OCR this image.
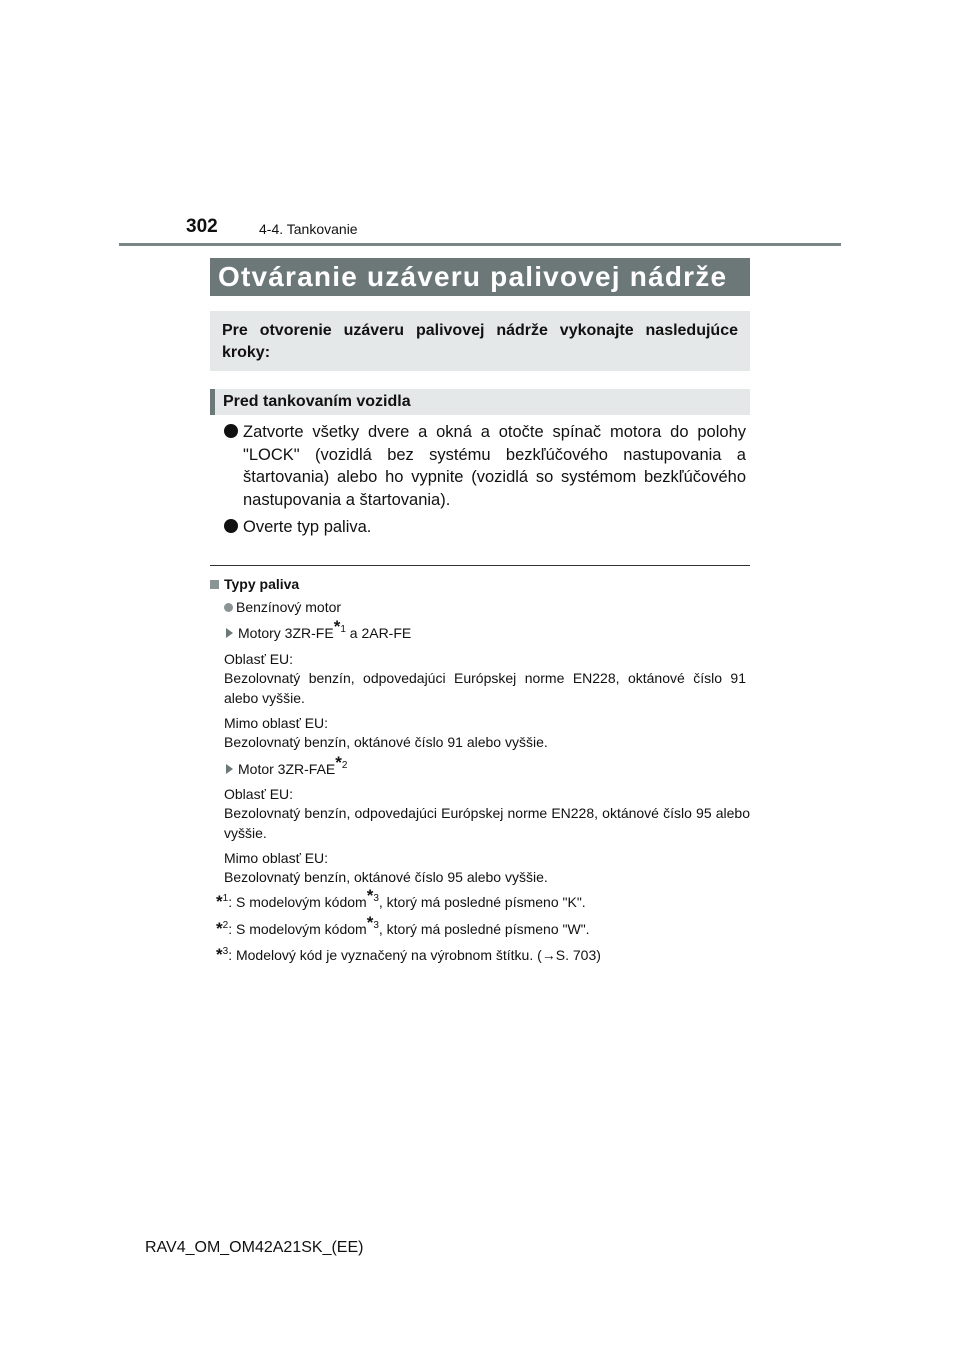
302	4-4. Tankovanie
Otváranie uzáveru palivovej nádrže

Pre otvorenie uzáveru palivovej nádrže vykonajte nasledujúce kroky:

Pred tankovaním vozidla
Zatvorte všetky dvere a okná a otočte spínač motora do polohy "LOCK" (vozidlá bez systému bezkľúčového nastupovania a štartovania) alebo ho vypnite (vozidlá so systémom bezkľúčového nastupovania a štartovania).
Overte typ paliva.
Typy paliva
Benzínový motor
Motory 3ZR-FE$^{*1}$ a 2AR-FE
Oblasť EU:
Bezolovnatý benzín, odpovedajúci Európskej norme EN228, oktánové číslo 91 alebo vyššie.
Mimo oblasť EU:
Bezolovnatý benzín, oktánové číslo 91 alebo vyššie.
Motor 3ZR-FAE$^{*2}$
Oblasť EU:
Bezolovnatý benzín, odpovedajúci Európskej norme EN228, oktánové číslo 95 alebo vyššie.
Mimo oblasť EU:
Bezolovnatý benzín, oktánové číslo 95 alebo vyššie.
*$^1$: S modelovým kódom$^{*3}$, ktorý má posledné písmeno "K".
*$^2$: S modelovým kódom$^{*3}$, ktorý má posledné písmeno "W".
*$^3$: Modelový kód je vyznačený na výrobnom štítku. (→S. 703)
RAV4_OM_OM42A21SK_(EE)
